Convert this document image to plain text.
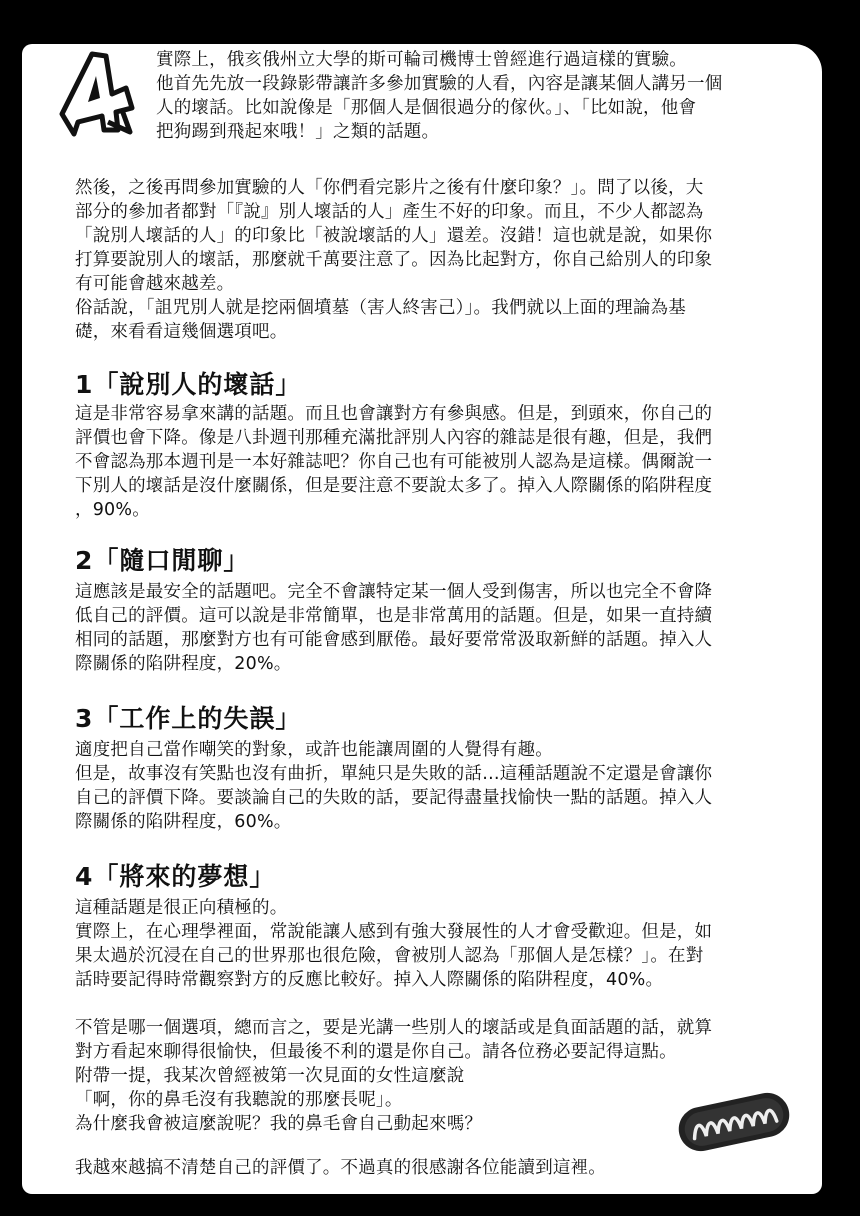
實際上，俄亥俄州立大學的斯可輪司機博士曾經進行過這樣的實驗。

他首先先放一段錄影帶讓許多參加實驗的人看，內容是讓某個人講另一個

人的壞話。比如說像是「那個人是個很過分的傢伙。」、「比如說，他會

把狗踢到飛起來哦！」之類的話題。

然後，之後再問參加實驗的人「你們看完影片之後有什麼印象？」。問了以後，大

部分的參加者都對「『說』別人壞話的人」產生不好的印象。而且，不少人都認為

「說別人壞話的人」的印象比「被說壞話的人」還差。沒錯！這也就是說，如果你

打算要說別人的壞話，那麼就千萬要注意了。因為比起對方，你自己給別人的印象

有可能會越來越差。

俗話說，「詛咒別人就是挖兩個墳墓（害人終害己）」。我們就以上面的理論為基

礎，來看看這幾個選項吧。

1「說別人的壞話」

這是非常容易拿來講的話題。而且也會讓對方有參與感。但是，到頭來，你自己的

評價也會下降。像是八卦週刊那種充滿批評別人內容的雜誌是很有趣，但是，我們

不會認為那本週刊是一本好雜誌吧？你自己也有可能被別人認為是這樣。偶爾說一

下別人的壞話是沒什麼關係，但是要注意不要說太多了。掉入人際關係的陷阱程度

，90%。

2「隨口閒聊」

這應該是最安全的話題吧。完全不會讓特定某一個人受到傷害，所以也完全不會降

低自己的評價。這可以說是非常簡單，也是非常萬用的話題。但是，如果一直持續

相同的話題，那麼對方也有可能會感到厭倦。最好要常常汲取新鮮的話題。掉入人

際關係的陷阱程度，20%。

3「工作上的失誤」

適度把自己當作嘲笑的對象，或許也能讓周圍的人覺得有趣。

但是，故事沒有笑點也沒有曲折，單純只是失敗的話…這種話題說不定還是會讓你

自己的評價下降。要談論自己的失敗的話，要記得盡量找愉快一點的話題。掉入人

際關係的陷阱程度，60%。

4「將來的夢想」

這種話題是很正向積極的。

實際上，在心理學裡面，常說能讓人感到有強大發展性的人才會受歡迎。但是，如

果太過於沉浸在自己的世界那也很危險，會被別人認為「那個人是怎樣？」。在對

話時要記得時常觀察對方的反應比較好。掉入人際關係的陷阱程度，40%。

不管是哪一個選項，總而言之，要是光講一些別人的壞話或是負面話題的話，就算

對方看起來聊得很愉快，但最後不利的還是你自己。請各位務必要記得這點。

附帶一提，我某次曾經被第一次見面的女性這麼說

「啊，你的鼻毛沒有我聽說的那麼長呢」。

為什麼我會被這麼說呢？我的鼻毛會自己動起來嗎？

我越來越搞不清楚自己的評價了。不過真的很感謝各位能讀到這裡。
